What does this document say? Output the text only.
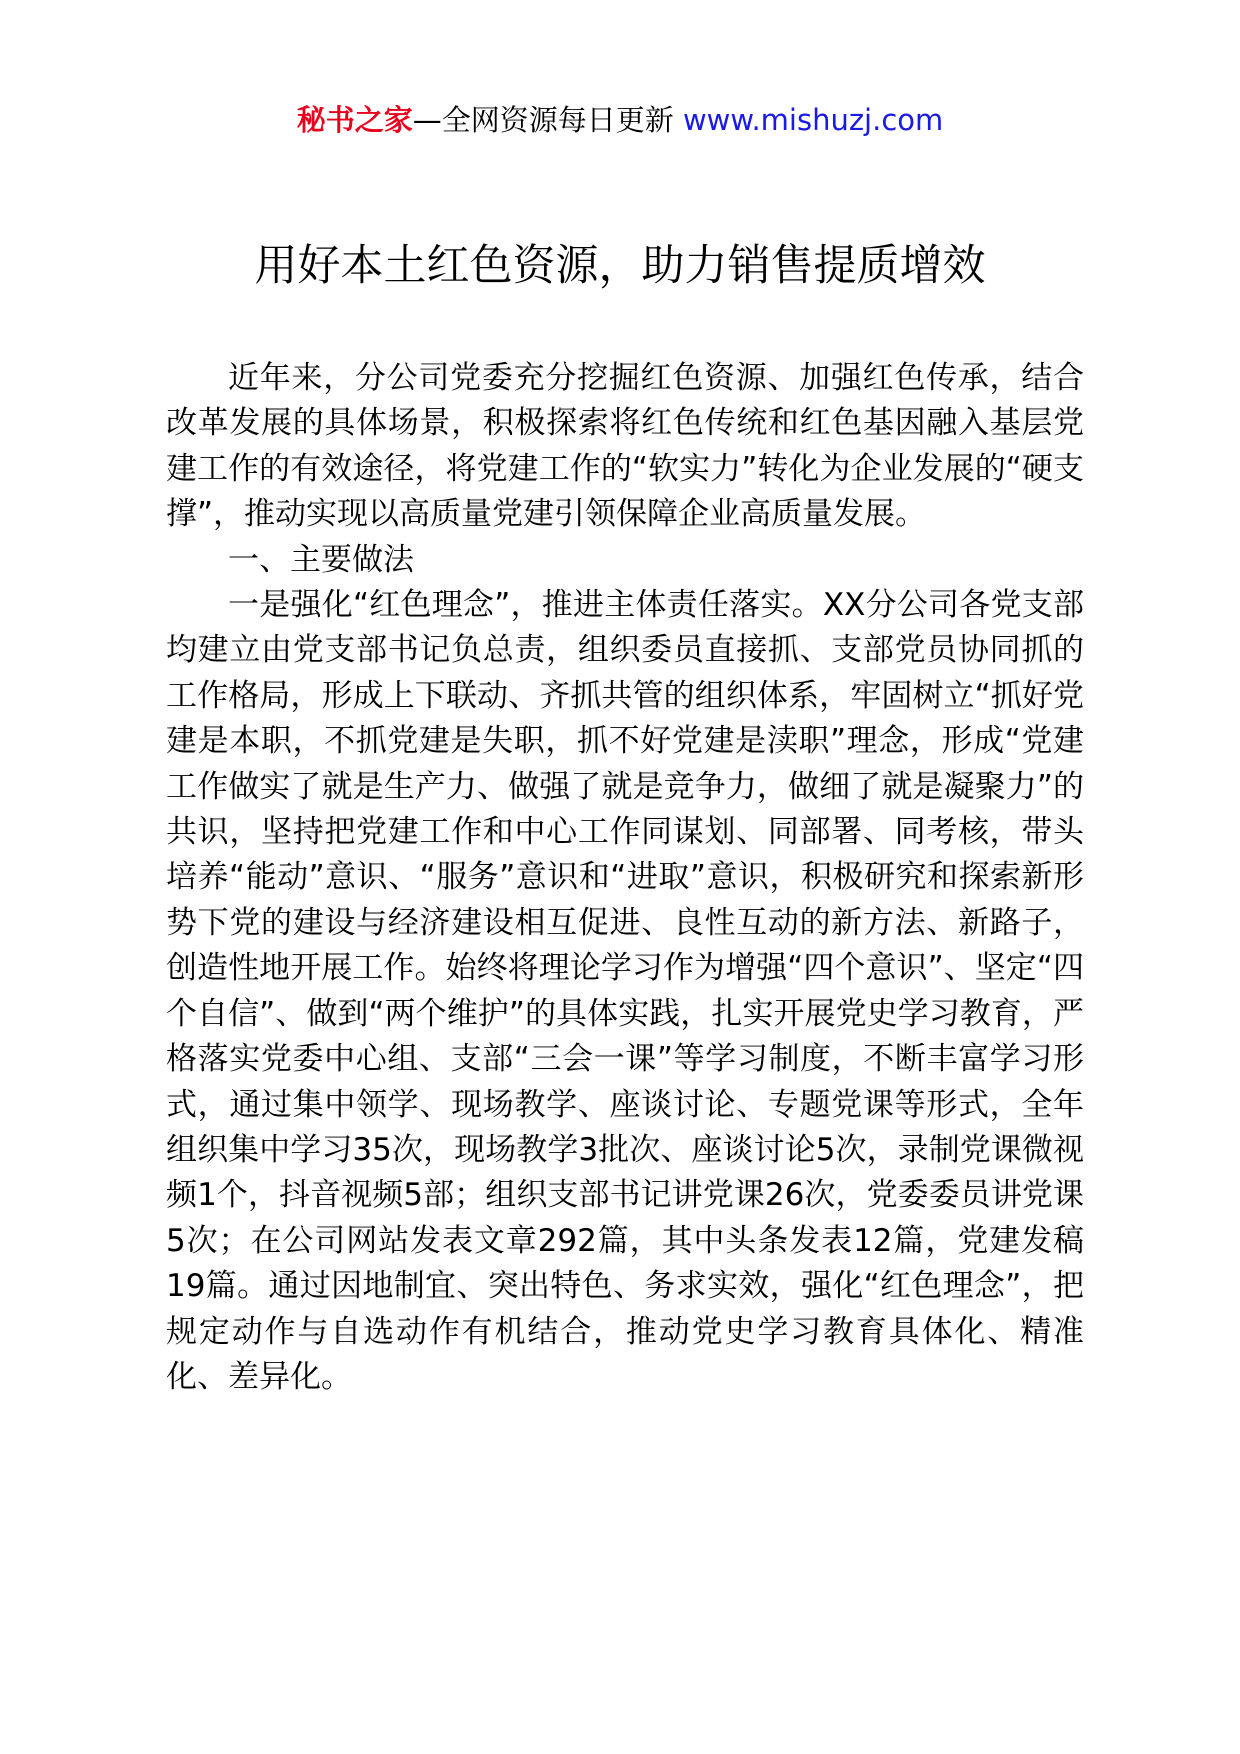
秘书之家—全网资源每日更新 www.mishuzj.com
用好本土红色资源，助力销售提质增效

近年来，分公司党委充分挖掘红色资源、加强红色传承，结合改革发展的具体场景，积极探索将红色传统和红色基因融入基层党建工作的有效途径，将党建工作的“软实力”转化为企业发展的“硬支撑”，推动实现以高质量党建引领保障企业高质量发展。

一、主要做法

一是强化“红色理念”，推进主体责任落实。XX分公司各党支部均建立由党支部书记负总责，组织委员直接抓、支部党员协同抓的工作格局，形成上下联动、齐抓共管的组织体系，牢固树立“抓好党建是本职，不抓党建是失职，抓不好党建是渎职”理念，形成“党建工作做实了就是生产力、做强了就是竞争力，做细了就是凝聚力”的共识，坚持把党建工作和中心工作同谋划、同部署、同考核，带头培养“能动”意识、“服务”意识和“进取”意识，积极研究和探索新形势下党的建设与经济建设相互促进、良性互动的新方法、新路子，创造性地开展工作。始终将理论学习作为增强“四个意识”、坚定“四个自信”、做到“两个维护”的具体实践，扎实开展党史学习教育，严格落实党委中心组、支部“三会一课”等学习制度，不断丰富学习形式，通过集中领学、现场教学、座谈讨论、专题党课等形式，全年组织集中学习35次，现场教学3批次、座谈讨论5次，录制党课微视频1个，抖音视频5部；组织支部书记讲党课26次，党委委员讲党课5次；在公司网站发表文章292篇，其中头条发表12篇，党建发稿19篇。通过因地制宜、突出特色、务求实效，强化“红色理念”，把规定动作与自选动作有机结合，推动党史学习教育具体化、精准化、差异化。
